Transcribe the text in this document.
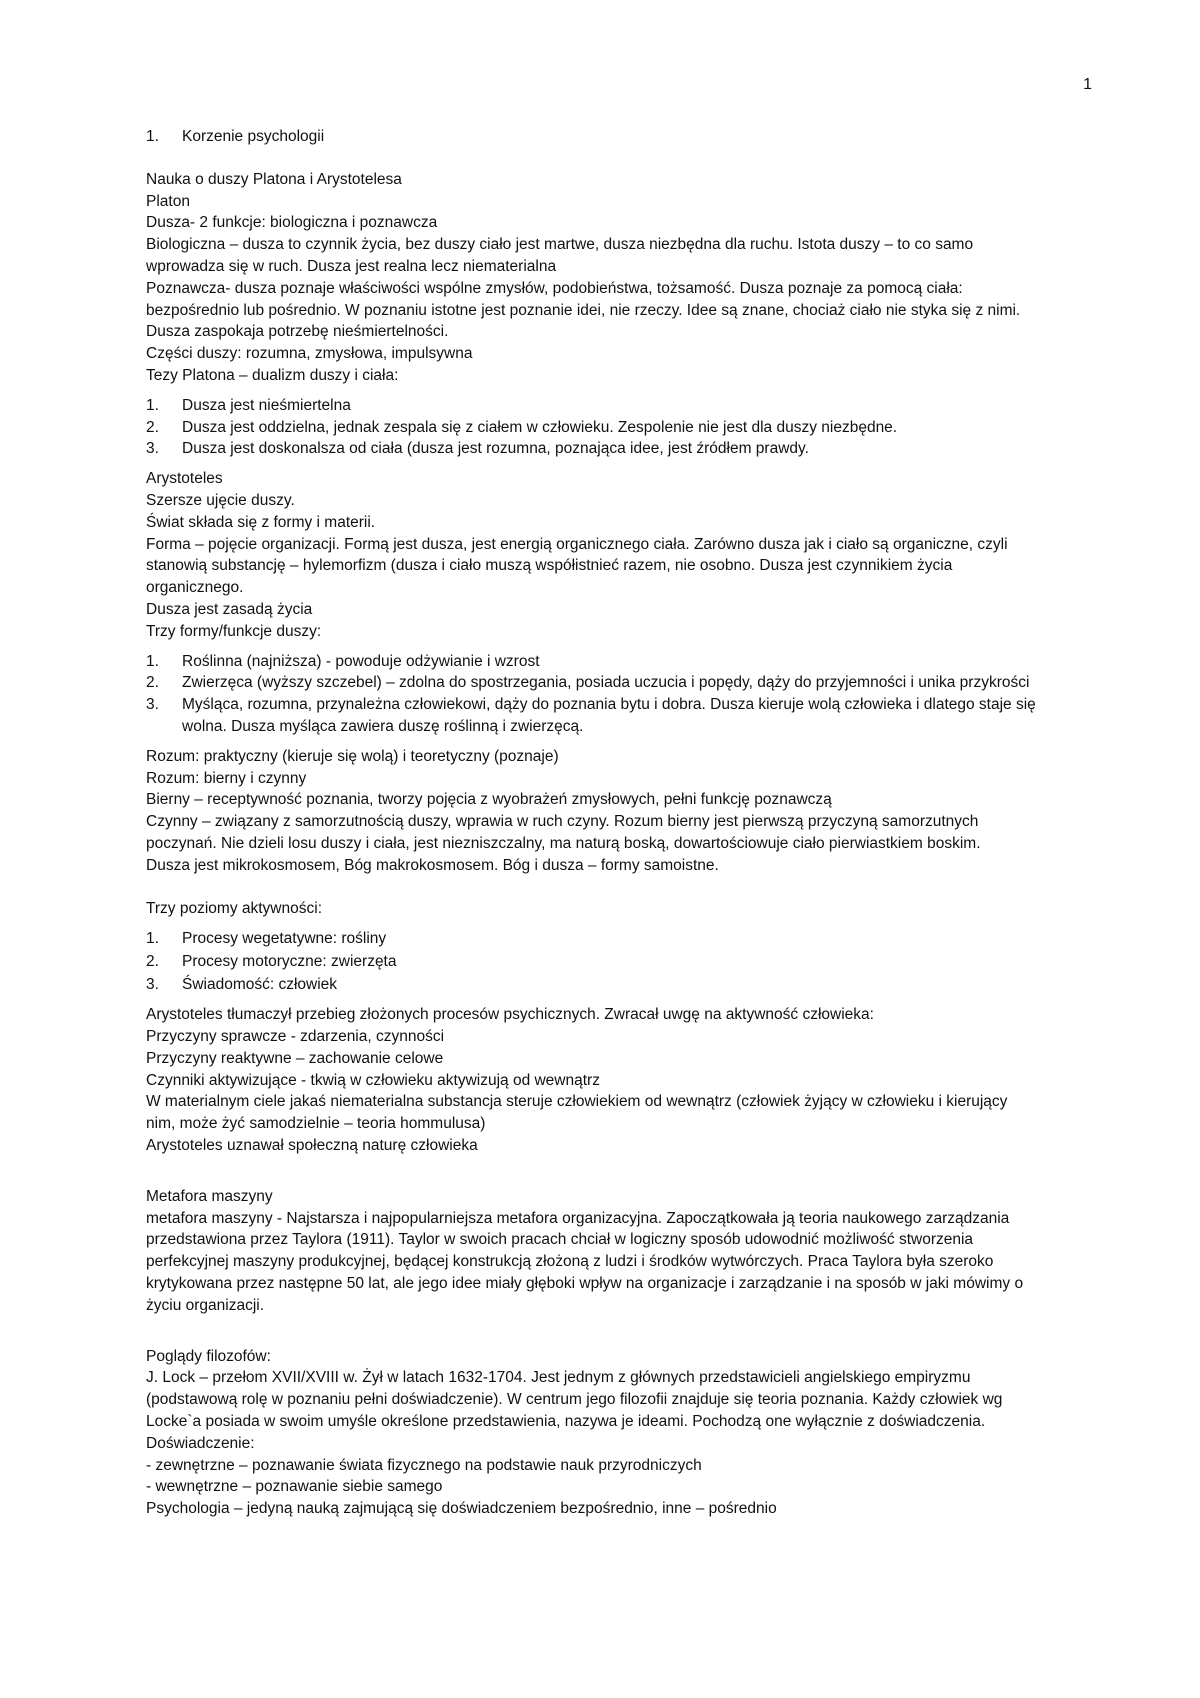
1
1.	Korzenie psychologii

Nauka o duszy Platona i Arystotelesa

Platon

Dusza- 2 funkcje: biologiczna i poznawcza

Biologiczna – dusza to czynnik życia, bez duszy ciało jest martwe, dusza niezbędna dla ruchu. Istota duszy – to co samo

wprowadza się w ruch. Dusza jest realna lecz niematerialna

Poznawcza- dusza poznaje właściwości wspólne zmysłów, podobieństwa, tożsamość. Dusza poznaje za pomocą ciała:

bezpośrednio lub pośrednio. W poznaniu istotne jest poznanie idei, nie rzeczy. Idee są znane, chociaż ciało nie styka się z nimi.

Dusza zaspokaja potrzebę nieśmiertelności.

Części duszy: rozumna, zmysłowa, impulsywna

Tezy Platona – dualizm duszy i ciała:

1.	Dusza jest nieśmiertelna
2.	Dusza jest oddzielna, jednak zespala się z ciałem w człowieku. Zespolenie nie jest dla duszy niezbędne.
3.	Dusza jest doskonalsza od ciała (dusza jest rozumna, poznająca idee, jest źródłem prawdy.

Arystoteles

Szersze ujęcie duszy.

Świat składa się z formy i materii.

Forma – pojęcie organizacji. Formą jest dusza, jest energią organicznego ciała. Zarówno dusza jak i ciało są organiczne, czyli

stanowią substancję – hylemorfizm (dusza i ciało muszą współistnieć razem, nie osobno. Dusza jest czynnikiem życia

organicznego.

Dusza jest zasadą życia

Trzy formy/funkcje duszy:

1.	Roślinna (najniższa) - powoduje odżywianie i wzrost
2.	Zwierzęca (wyższy szczebel) – zdolna do spostrzegania, posiada uczucia i popędy, dąży do przyjemności i unika przykrości
3.	Myśląca, rozumna, przynależna człowiekowi, dąży do poznania bytu i dobra. Dusza kieruje wolą człowieka i dlatego staje się
wolna. Dusza myśląca zawiera duszę roślinną i zwierzęcą.

Rozum: praktyczny (kieruje się wolą) i teoretyczny (poznaje)

Rozum: bierny i czynny

Bierny – receptywność poznania, tworzy pojęcia z wyobrażeń zmysłowych, pełni funkcję poznawczą

Czynny – związany z samorzutnością duszy, wprawia w ruch czyny. Rozum bierny jest pierwszą przyczyną samorzutnych

poczynań. Nie dzieli losu duszy i ciała, jest niezniszczalny, ma naturą boską, dowartościowuje ciało pierwiastkiem boskim.

Dusza jest mikrokosmosem, Bóg makrokosmosem. Bóg i dusza – formy samoistne.

Trzy poziomy aktywności:

1.	Procesy wegetatywne: rośliny
2.	Procesy motoryczne: zwierzęta
3.	Świadomość: człowiek

Arystoteles tłumaczył przebieg złożonych procesów psychicznych. Zwracał uwgę na aktywność człowieka:

Przyczyny sprawcze - zdarzenia, czynności

Przyczyny reaktywne – zachowanie celowe

Czynniki aktywizujące - tkwią w człowieku aktywizują od wewnątrz

W materialnym ciele jakaś niematerialna substancja steruje człowiekiem od wewnątrz (człowiek żyjący w człowieku i kierujący

nim, może żyć samodzielnie – teoria hommulusa)

Arystoteles uznawał społeczną naturę człowieka

Metafora maszyny

metafora maszyny - Najstarsza i najpopularniejsza metafora organizacyjna. Zapoczątkowała ją teoria naukowego zarządzania

przedstawiona przez Taylora (1911). Taylor w swoich pracach chciał w logiczny sposób udowodnić możliwość stworzenia

perfekcyjnej maszyny produkcyjnej, będącej konstrukcją złożoną z ludzi i środków wytwórczych. Praca Taylora była szeroko

krytykowana przez następne 50 lat, ale jego idee miały głęboki wpływ na organizacje i zarządzanie i na sposób w jaki mówimy o

życiu organizacji.

Poglądy filozofów:

J. Lock – przełom XVII/XVIII w. Żył w latach 1632-1704. Jest jednym z głównych przedstawicieli angielskiego empiryzmu

(podstawową rolę w poznaniu pełni doświadczenie). W centrum jego filozofii znajduje się teoria poznania. Każdy człowiek wg

Locke`a posiada w swoim umyśle określone przedstawienia, nazywa je ideami. Pochodzą one wyłącznie z doświadczenia.

Doświadczenie:

- zewnętrzne – poznawanie świata fizycznego na podstawie nauk przyrodniczych

- wewnętrzne – poznawanie siebie samego

Psychologia – jedyną nauką zajmującą się doświadczeniem bezpośrednio, inne – pośrednio
